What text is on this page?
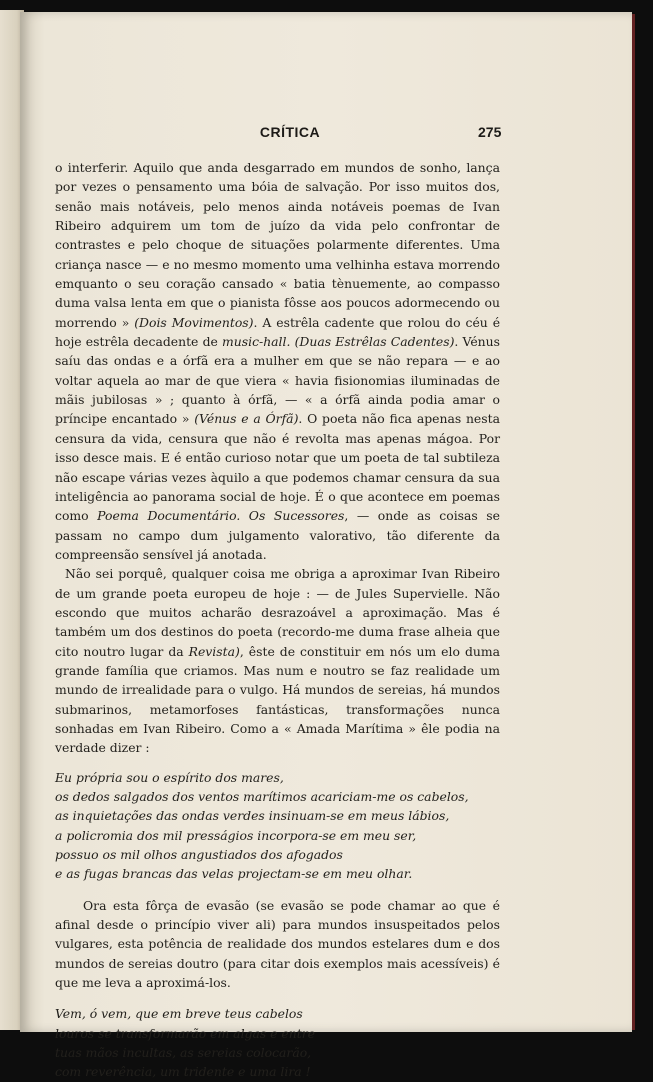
CRÍTICA	275

o interferir. Aquilo que anda desgarrado em mundos de sonho, lança por vezes o pensamento uma bóia de salvação. Por isso muitos dos, senão mais notáveis, pelo menos ainda notáveis poemas de Ivan Ribeiro adquirem um tom de juízo da vida pelo confrontar de contrastes e pelo choque de situações polarmente diferentes. Uma criança nasce — e no mesmo momento uma velhinha estava morrendo emquanto o seu coração cansado « batia tènuemente, ao compasso duma valsa lenta em que o pianista fôsse aos poucos adormecendo ou morrendo » (Dois Movimentos). A estrêla cadente que rolou do céu é hoje estrêla decadente de music-hall. (Duas Estrêlas Cadentes). Vénus saíu das ondas e a órfã era a mulher em que se não repara — e ao voltar aquela ao mar de que viera « havia fisionomias iluminadas de mãis jubilosas » ; quanto à órfã, — « a órfã ainda podia amar o príncipe encantado » (Vénus e a Órfã). O poeta não fica apenas nesta censura da vida, censura que não é revolta mas apenas mágoa. Por isso desce mais. E é então curioso notar que um poeta de tal subtileza não escape várias vezes àquilo a que podemos chamar censura da sua inteligência ao panorama social de hoje. É o que acontece em poemas como Poema Documentário. Os Sucessores, — onde as coisas se passam no campo dum julgamento valorativo, tão diferente da compreensão sensível já anotada.

Não sei porquê, qualquer coisa me obriga a aproximar Ivan Ribeiro de um grande poeta europeu de hoje : — de Jules Supervielle. Não escondo que muitos acharão desrazoável a aproximação. Mas é também um dos destinos do poeta (recordo-me duma frase alheia que cito noutro lugar da Revista), êste de constituir em nós um elo duma grande família que criamos. Mas num e noutro se faz realidade um mundo de irrealidade para o vulgo. Há mundos de sereias, há mundos submarinos, metamorfoses fantásticas, transformações nunca sonhadas em Ivan Ribeiro. Como a « Amada Marítima » êle podia na verdade dizer :

Eu própria sou o espírito dos mares,
os dedos salgados dos ventos marítimos acariciam-me os cabelos,
as inquietações das ondas verdes insinuam-se em meus lábios,
a policromia dos mil presságios incorpora-se em meu ser,
possuo os mil olhos angustiados dos afogados
e as fugas brancas das velas projectam-se em meu olhar.

Ora esta fôrça de evasão (se evasão se pode chamar ao que é afinal desde o princípio viver ali) para mundos insuspeitados pelos vulgares, esta potência de realidade dos mundos estelares dum e dos mundos de sereias doutro (para citar dois exemplos mais acessíveis) é que me leva a aproximá-los.

Vem, ó vem, que em breve teus cabelos
louros se transformarão em algas e entre
tuas mãos incultas, as sereias colocarão,
com reverência, um tridente e uma lira !
